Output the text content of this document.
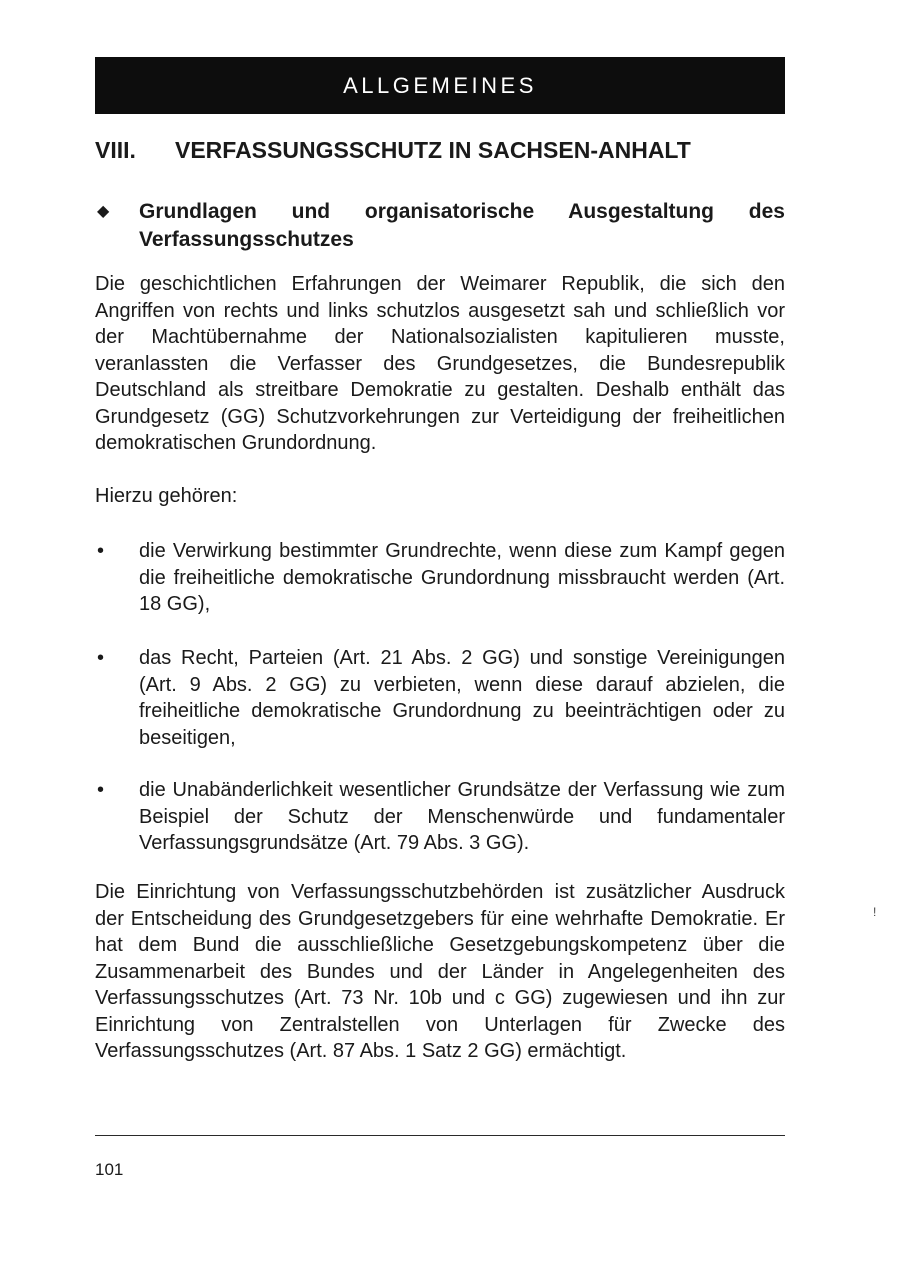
ALLGEMEINES
VIII.	VERFASSUNGSSCHUTZ IN SACHSEN-ANHALT
◆	Grundlagen und organisatorische Ausgestaltung des Verfassungsschutzes

Die geschichtlichen Erfahrungen der Weimarer Republik, die sich den Angriffen von rechts und links schutzlos ausgesetzt sah und schließlich vor der Machtübernahme der Nationalsozialisten kapitulieren musste, veranlassten die Verfasser des Grundgesetzes, die Bundesrepublik Deutschland als streitbare Demokratie zu gestalten. Deshalb enthält das Grundgesetz (GG) Schutzvorkehrungen zur Verteidigung der freiheitlichen demokratischen Grundordnung.

Hierzu gehören:

•	die Verwirkung bestimmter Grundrechte, wenn diese zum Kampf gegen die freiheitliche demokratische Grundordnung missbraucht werden (Art. 18 GG),
•	das Recht, Parteien (Art. 21 Abs. 2 GG) und sonstige Vereinigungen (Art. 9 Abs. 2 GG) zu verbieten, wenn diese darauf abzielen, die freiheitliche demokratische Grundordnung zu beeinträchtigen oder zu beseitigen,
•	die Unabänderlichkeit wesentlicher Grundsätze der Verfassung wie zum Beispiel der Schutz der Menschenwürde und fundamentaler Verfassungsgrundsätze (Art. 79 Abs. 3 GG).

Die Einrichtung von Verfassungsschutzbehörden ist zusätzlicher Ausdruck der Entscheidung des Grundgesetzgebers für eine wehrhafte Demokratie. Er hat dem Bund die ausschließliche Gesetzgebungskompetenz über die Zusammenarbeit des Bundes und der Länder in Angelegenheiten des Verfassungsschutzes (Art. 73 Nr. 10b und c GG) zugewiesen und ihn zur Einrichtung von Zentralstellen von Unterlagen für Zwecke des Verfassungsschutzes (Art. 87 Abs. 1 Satz 2 GG) ermächtigt.

!
101
